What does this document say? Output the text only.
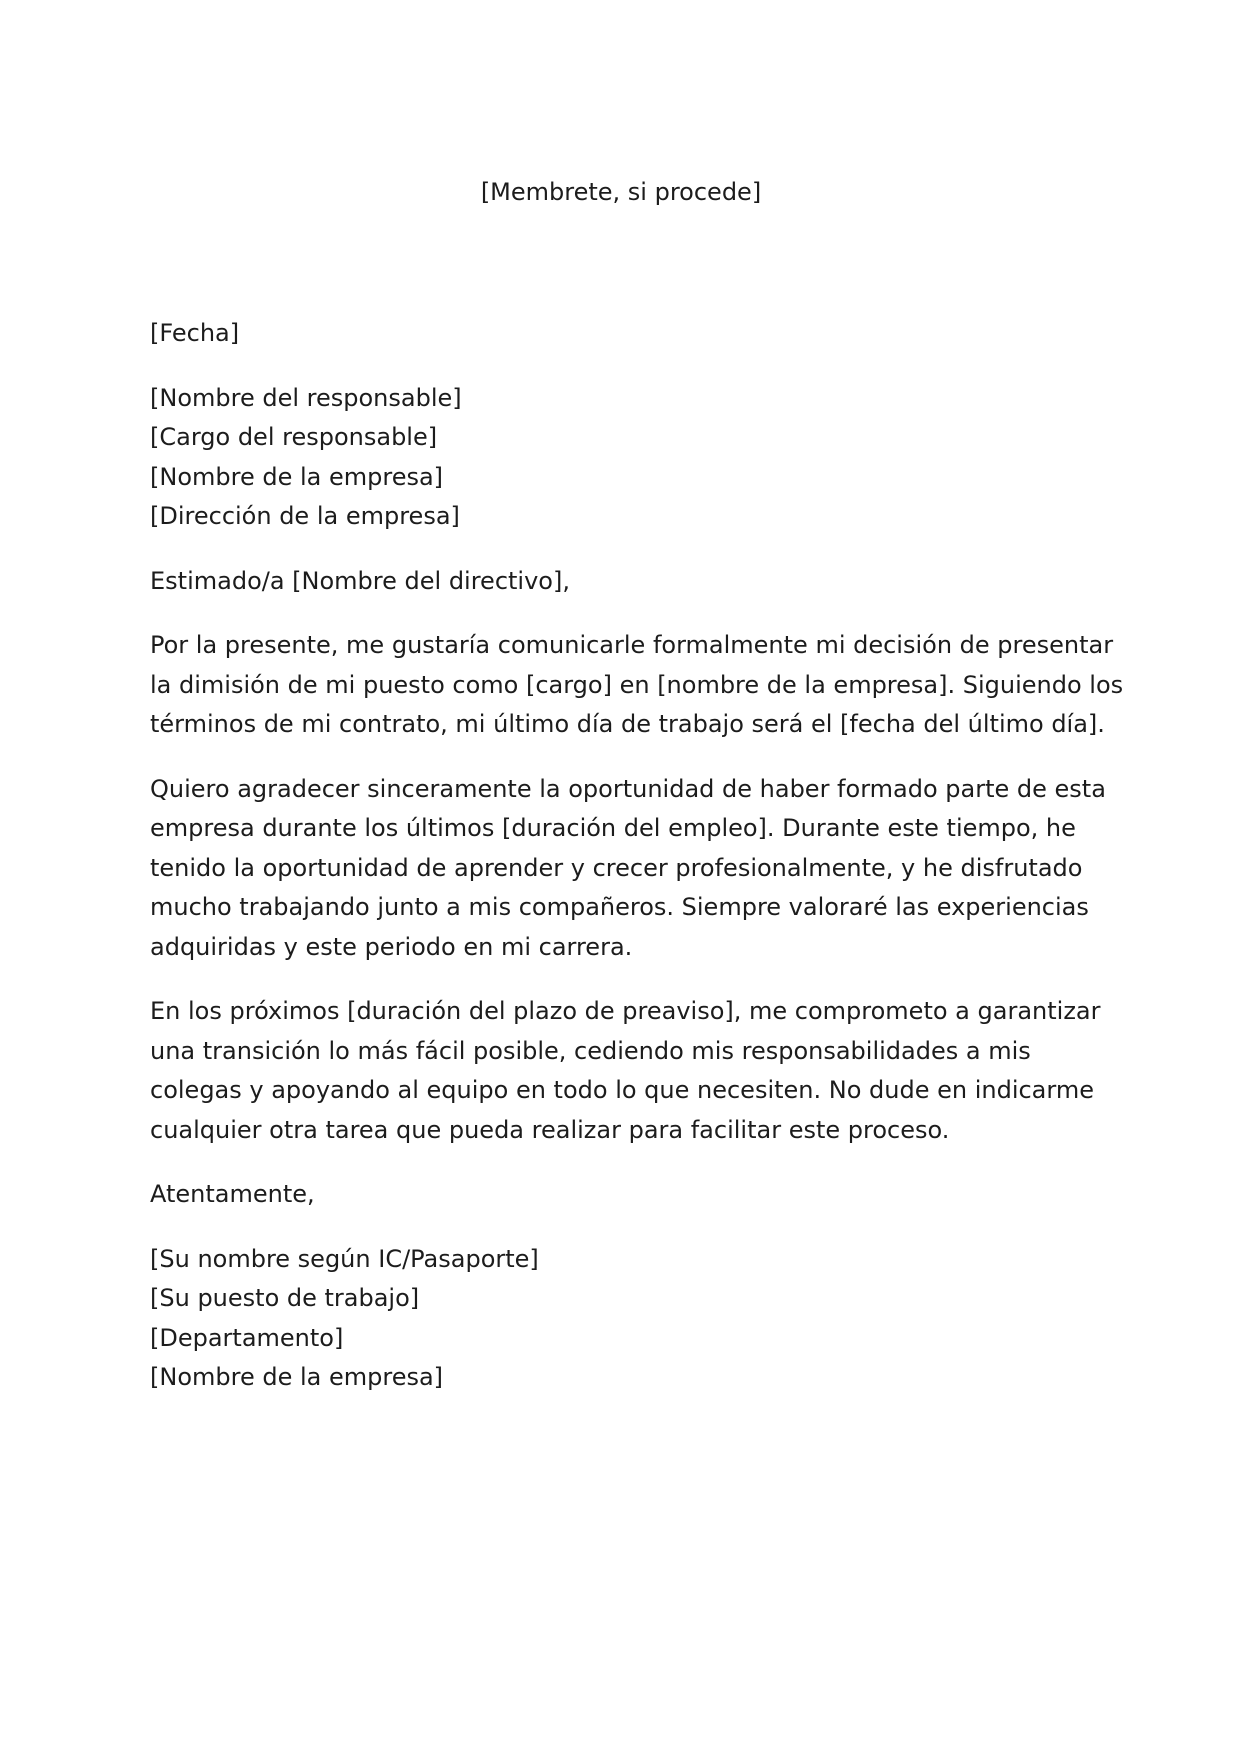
[Membrete, si procede]

[Fecha]
[Nombre del responsable]
[Cargo del responsable]
[Nombre de la empresa]
[Dirección de la empresa]
Estimado/a [Nombre del directivo],
Por la presente, me gustaría comunicarle formalmente mi decisión de presentar
la dimisión de mi puesto como [cargo] en [nombre de la empresa]. Siguiendo los
términos de mi contrato, mi último día de trabajo será el [fecha del último día].
Quiero agradecer sinceramente la oportunidad de haber formado parte de esta
empresa durante los últimos [duración del empleo]. Durante este tiempo, he
tenido la oportunidad de aprender y crecer profesionalmente, y he disfrutado
mucho trabajando junto a mis compañeros. Siempre valoraré las experiencias
adquiridas y este periodo en mi carrera.
En los próximos [duración del plazo de preaviso], me comprometo a garantizar
una transición lo más fácil posible, cediendo mis responsabilidades a mis
colegas y apoyando al equipo en todo lo que necesiten. No dude en indicarme
cualquier otra tarea que pueda realizar para facilitar este proceso.
Atentamente,
[Su nombre según IC/Pasaporte]
[Su puesto de trabajo]
[Departamento]
[Nombre de la empresa]
